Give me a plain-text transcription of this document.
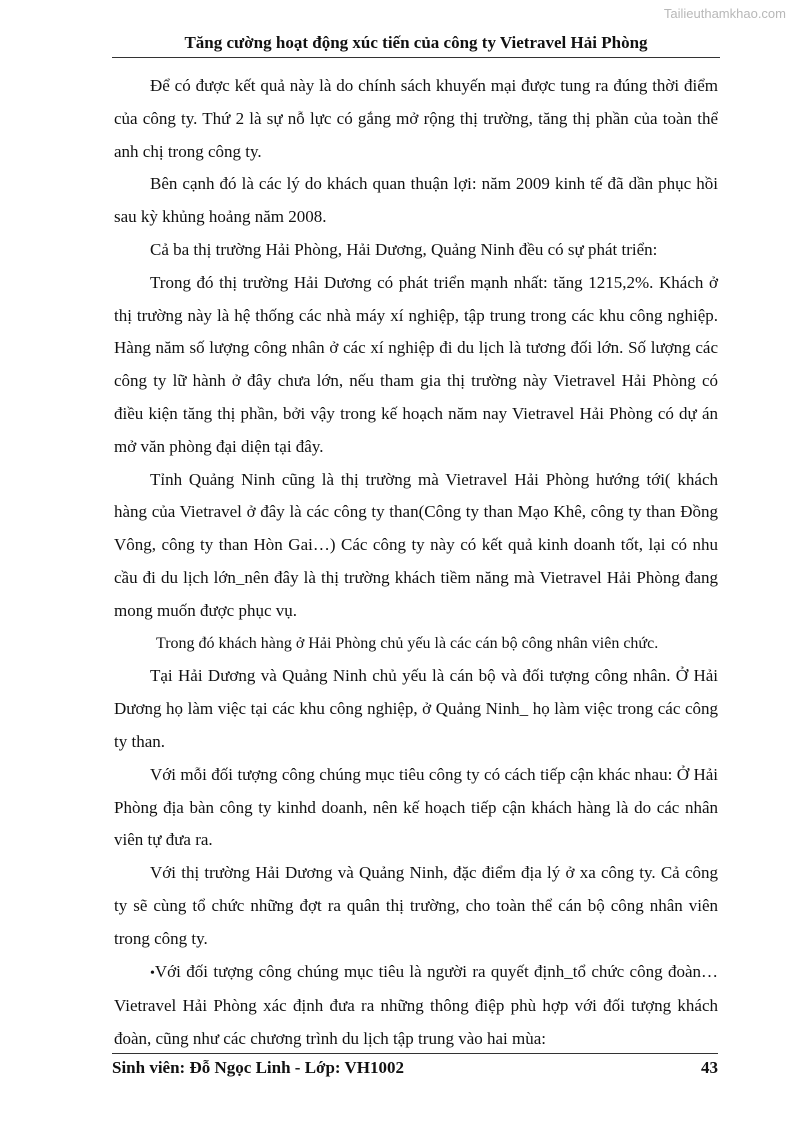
Tailieuthamkhao.com
Tăng cường hoạt động xúc tiến của công ty Vietravel Hải Phòng

Để có được kết quả này là do chính sách khuyến mại được tung ra đúng thời điểm của công ty. Thứ 2 là sự nỗ lực có gắng mở rộng thị trường, tăng thị phần của toàn thể anh chị trong công ty.

Bên cạnh đó là các lý do khách quan thuận lợi: năm 2009 kinh tế đã dần phục hồi sau kỳ khủng hoảng năm 2008.

Cả ba thị trường Hải Phòng, Hải Dương, Quảng Ninh đều có sự phát triển:

Trong đó thị trường Hải Dương có phát triển mạnh nhất: tăng 1215,2%. Khách ở thị trường này là hệ thống các nhà máy xí nghiệp, tập trung trong các khu công nghiệp. Hàng năm số lượng công nhân ở các xí nghiệp đi du lịch là tương đối lớn. Số lượng các công ty lữ hành ở đây chưa lớn, nếu tham gia thị trường này Vietravel Hải Phòng có điều kiện tăng thị phần, bởi vậy trong kế hoạch năm nay Vietravel Hải Phòng có dự án mở văn phòng đại diện tại đây.

Tỉnh Quảng Ninh cũng là thị trường mà Vietravel Hải Phòng hướng tới( khách hàng của Vietravel ở đây là các công ty than(Công ty than Mạo Khê, công ty than Đồng Vông, công ty than Hòn Gai…) Các công ty này có kết quả kinh doanh tốt, lại có nhu cầu đi du lịch lớn_nên đây là thị trường khách tiềm năng mà Vietravel Hải Phòng đang mong muốn được phục vụ.

Trong đó khách hàng ở Hải Phòng chủ yếu là các cán bộ công nhân viên chức.

Tại Hải Dương và Quảng Ninh chủ yếu là cán bộ và đối tượng công nhân. Ở Hải Dương họ làm việc tại các khu công nghiệp, ở Quảng Ninh_ họ làm việc trong các công ty than.

Với mỗi đối tượng công chúng mục tiêu công ty có cách tiếp cận khác nhau: Ở Hải Phòng địa bàn công ty kinhd doanh, nên kế hoạch tiếp cận khách hàng là do các nhân viên tự đưa ra.

Với thị trường Hải Dương và Quảng Ninh, đặc điểm địa lý ở xa công ty. Cả công ty sẽ cùng tổ chức những đợt ra quân thị trường, cho toàn thể cán bộ công nhân viên trong công ty.

•Với đối tượng công chúng mục tiêu là người ra quyết định_tổ chức công đoàn…Vietravel Hải Phòng xác định đưa ra những thông điệp phù hợp với đối tượng khách đoàn, cũng như các chương trình du lịch tập trung vào hai mùa:

Sinh viên: Đỗ Ngọc Linh - Lớp: VH1002	43
